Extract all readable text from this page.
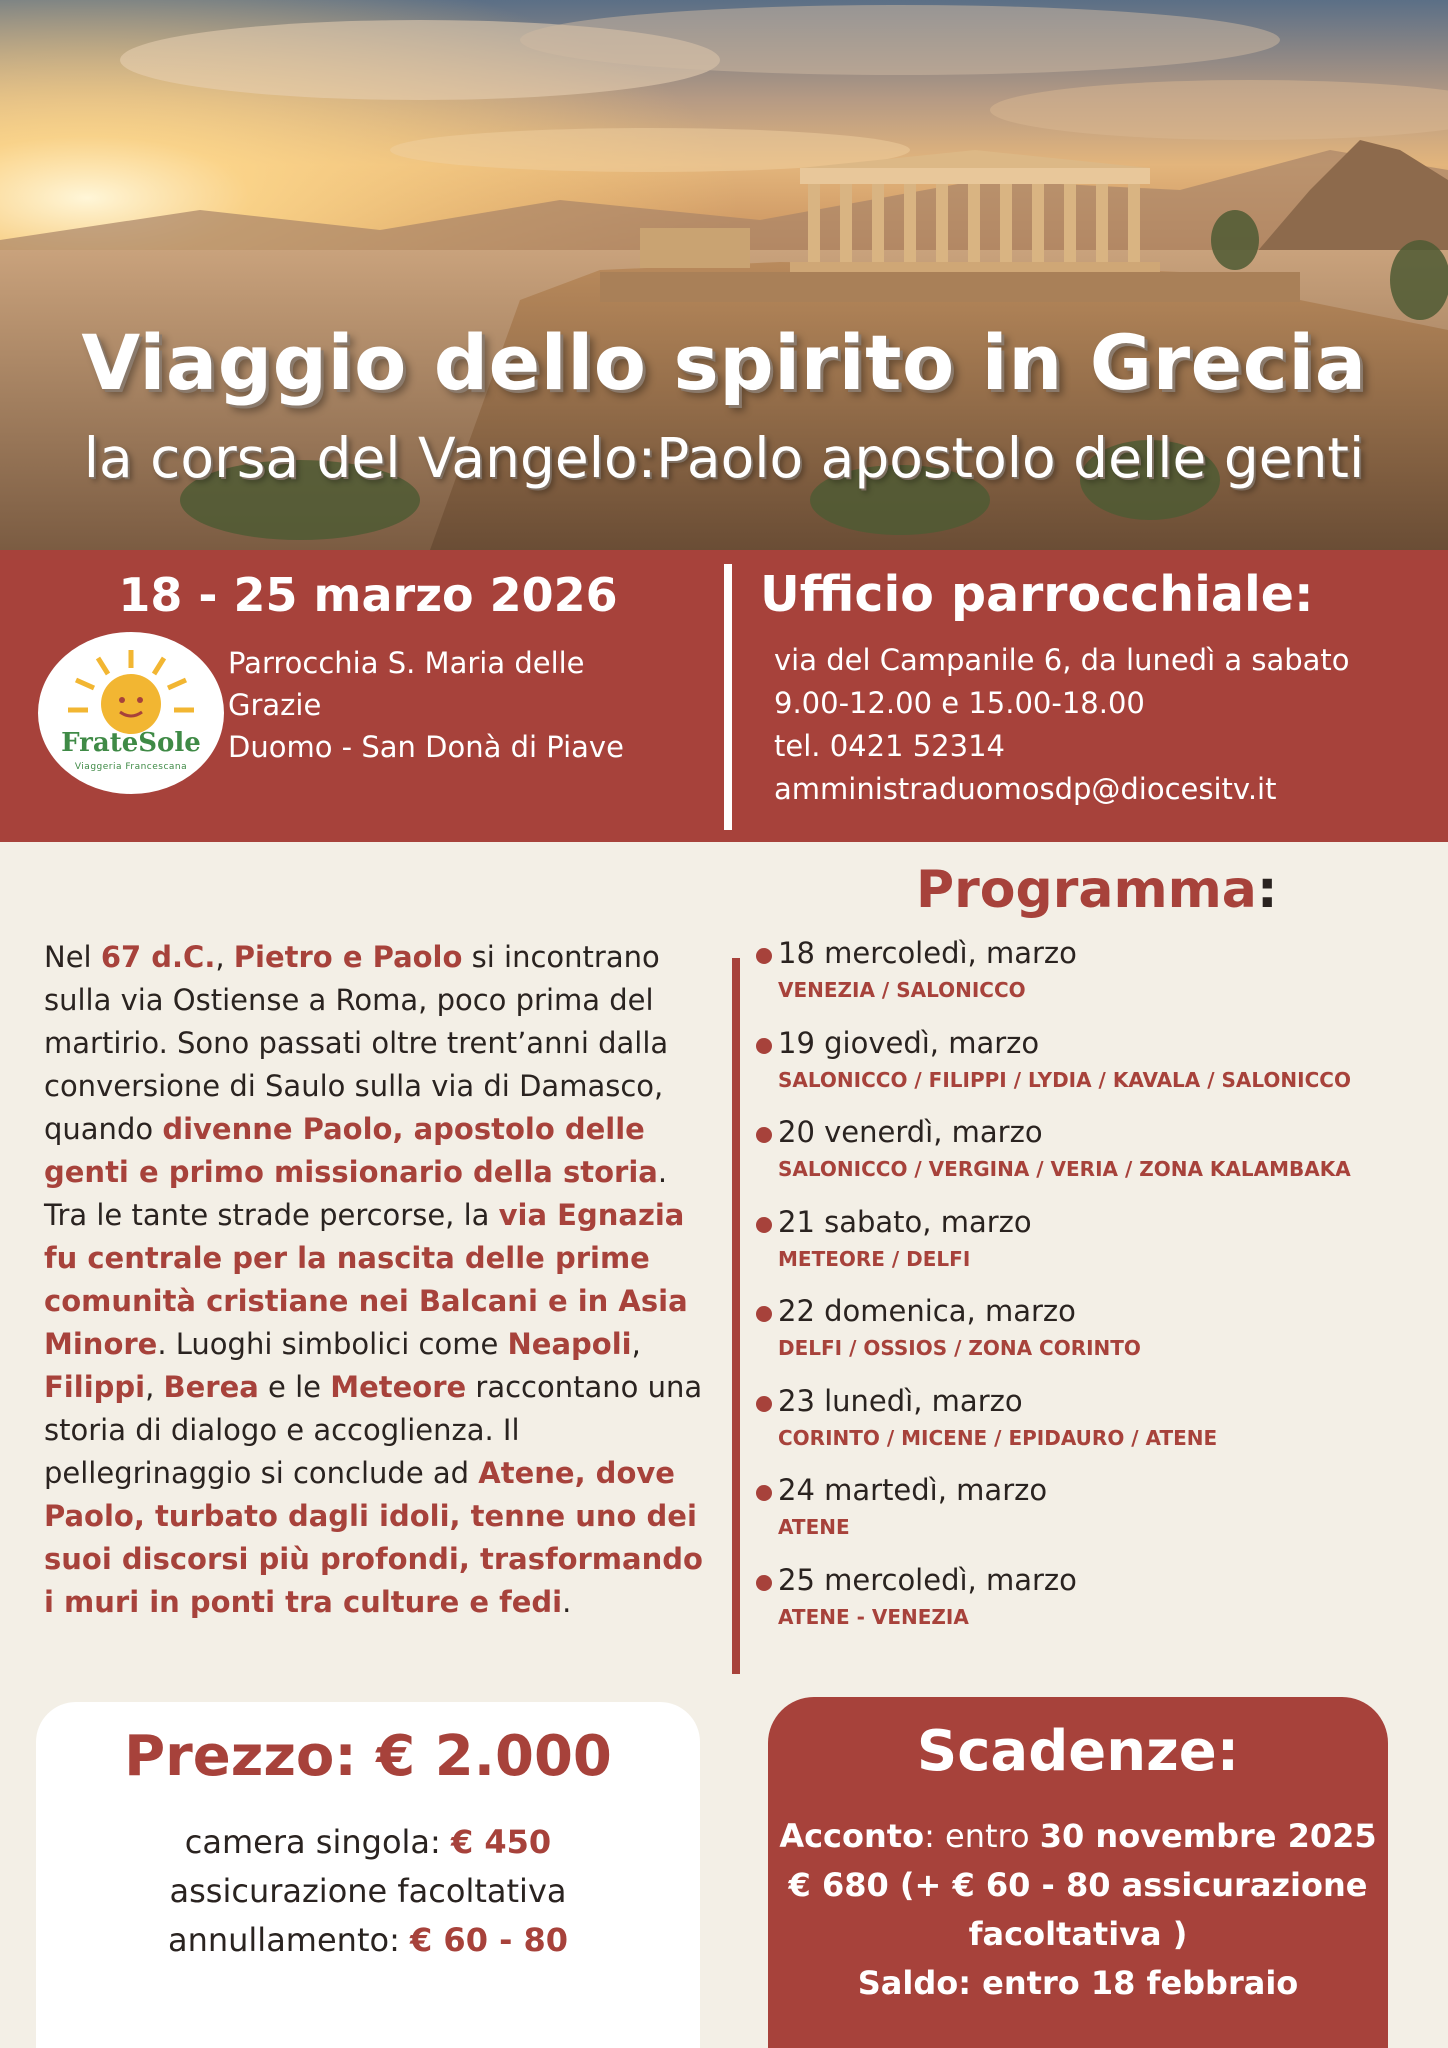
Viaggio dello spirito in Grecia
la corsa del Vangelo:Paolo apostolo delle genti
18 - 25 marzo 2026
FrateSole
Viaggeria Francescana
Parrocchia S. Maria delle
Grazie
Duomo - San Donà di Piave
Ufficio parrocchiale:
via del Campanile 6, da lunedì a sabato
9.00-12.00 e 15.00-18.00
tel. 0421 52314
amministraduomosdp@diocesitv.it
Nel 67 d.C., Pietro e Paolo si incontrano sulla via Ostiense a Roma, poco prima del martirio. Sono passati oltre trent’anni dalla conversione di Saulo sulla via di Damasco, quando divenne Paolo, apostolo delle genti e primo missionario della storia. Tra le tante strade percorse, la via Egnazia fu centrale per la nascita delle prime comunità cristiane nei Balcani e in Asia Minore. Luoghi simbolici come Neapoli, Filippi, Berea e le Meteore raccontano una storia di dialogo e accoglienza. Il pellegrinaggio si conclude ad Atene, dove Paolo, turbato dagli idoli, tenne uno dei suoi discorsi più profondi, trasformando i muri in ponti tra culture e fedi.
Programma:
18 mercoledì, marzo
VENEZIA / SALONICCO
19 giovedì, marzo
SALONICCO / FILIPPI / LYDIA / KAVALA / SALONICCO
20 venerdì, marzo
SALONICCO / VERGINA / VERIA / ZONA KALAMBAKA
21 sabato, marzo
METEORE / DELFI
22 domenica, marzo
DELFI / OSSIOS / ZONA CORINTO
23 lunedì, marzo
CORINTO / MICENE / EPIDAURO / ATENE
24 martedì, marzo
ATENE
25 mercoledì, marzo
ATENE - VENEZIA
Prezzo: € 2.000
camera singola: € 450
assicurazione facoltativa
annullamento: € 60 - 80
Scadenze:
Acconto: entro 30 novembre 2025
€ 680 (+ € 60 - 80 assicurazione facoltativa )
Saldo: entro 18 febbraio
